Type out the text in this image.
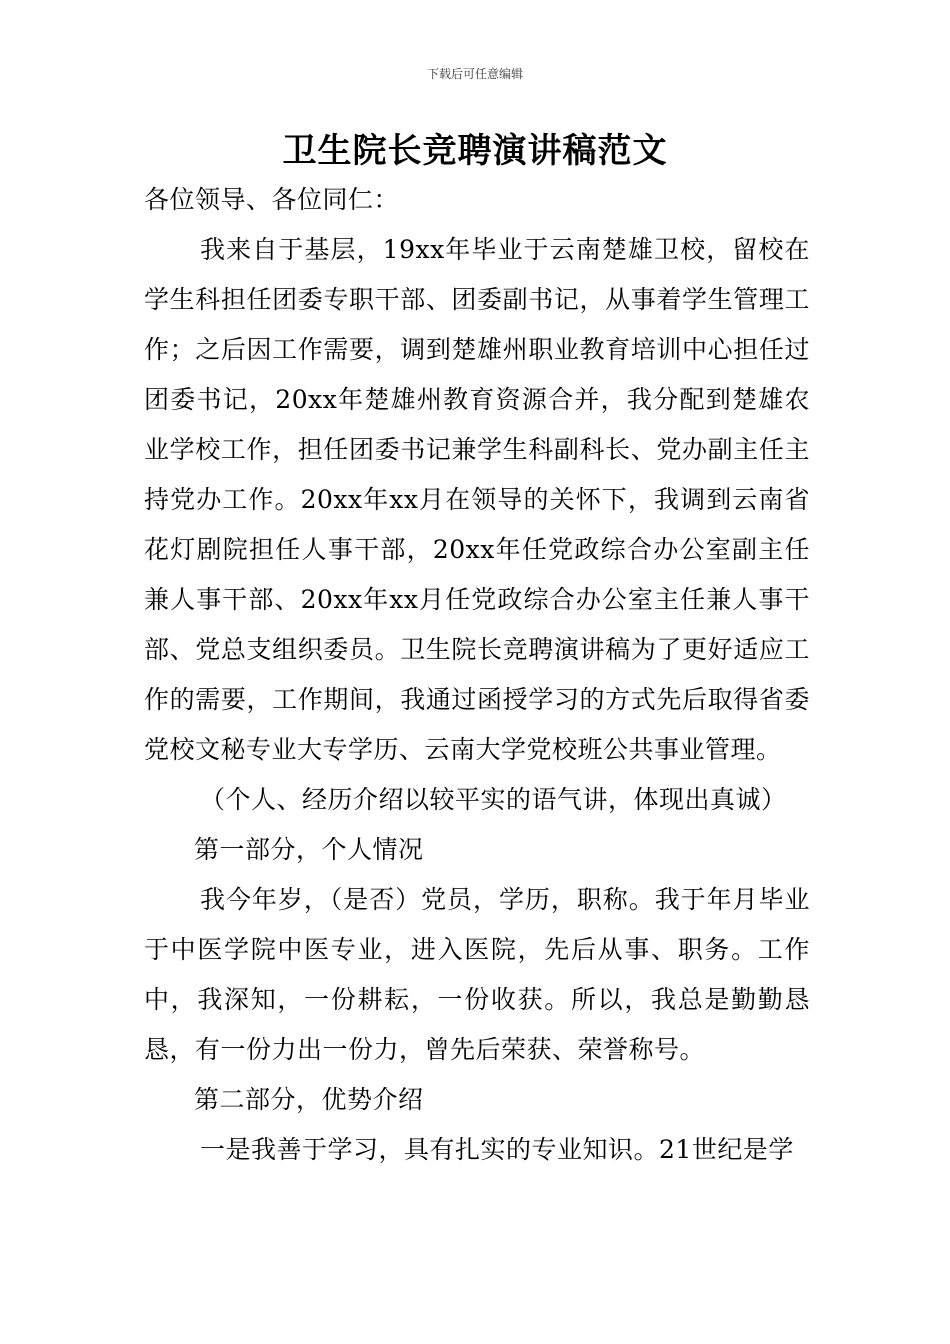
下载后可任意编辑
卫生院长竞聘演讲稿范文

各位领导、各位同仁：

我来自于基层，19xx年毕业于云南楚雄卫校，留校在学生科担任团委专职干部、团委副书记，从事着学生管理工作；之后因工作需要，调到楚雄州职业教育培训中心担任过团委书记，20xx年楚雄州教育资源合并，我分配到楚雄农业学校工作，担任团委书记兼学生科副科长、党办副主任主持党办工作。20xx年xx月在领导的关怀下，我调到云南省花灯剧院担任人事干部，20xx年任党政综合办公室副主任兼人事干部、20xx年xx月任党政综合办公室主任兼人事干部、党总支组织委员。卫生院长竞聘演讲稿为了更好适应工作的需要，工作期间，我通过函授学习的方式先后取得省委党校文秘专业大专学历、云南大学党校班公共事业管理。

（个人、经历介绍以较平实的语气讲，体现出真诚）

第一部分，个人情况

我今年岁，（是否）党员，学历，职称。我于年月毕业于中医学院中医专业，进入医院，先后从事、职务。工作中，我深知，一份耕耘，一份收获。所以，我总是勤勤恳恳，有一份力出一份力，曾先后荣获、荣誉称号。

第二部分，优势介绍

一是我善于学习，具有扎实的专业知识。21世纪是学
